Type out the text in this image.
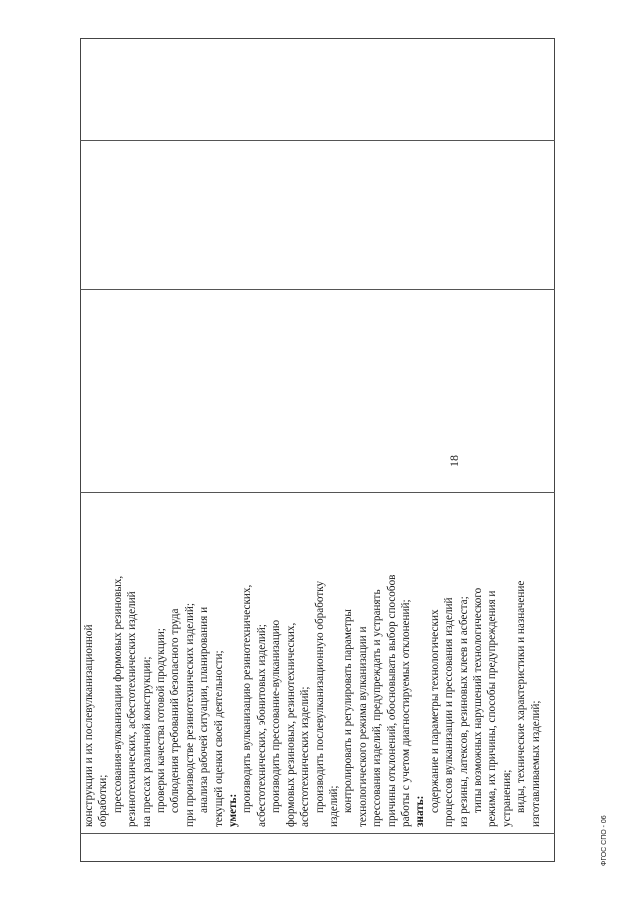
18
конструкции и их послевулканизационной обработки; прессования-вулканизации формовых резиновых, резинотехнических, асбестотехнических изделий на прессах различной конструкции; проверки качества готовой продукции; соблюдения требований безопасного труда при производстве резинотехнических изделий; анализа рабочей ситуации, планирования и текущей оценки своей деятельности; уметь: производить вулканизацию резинотехнических, асбестотехнических, эбонитовых изделий; производить прессование-вулканизацию формовых резиновых, резинотехнических, асбестотехнических изделий; производить послевулканизационную обработку изделий; контролировать и регулировать параметры технологического режима вулканизации и прессования изделий, предупреждать и устранять причины отклонений, обосновывать выбор способов работы с учетом диагностируемых отклонений; знать: содержание и параметры технологических процессов вулканизации и прессования изделий из резины, латексов, резиновых клеев и асбеста; типы возможных нарушений технологического режима, их причины, способы предупреждения и устранения; виды, технические характеристики и назначение изготавливаемых изделий;
ФГОС СПО - 06
